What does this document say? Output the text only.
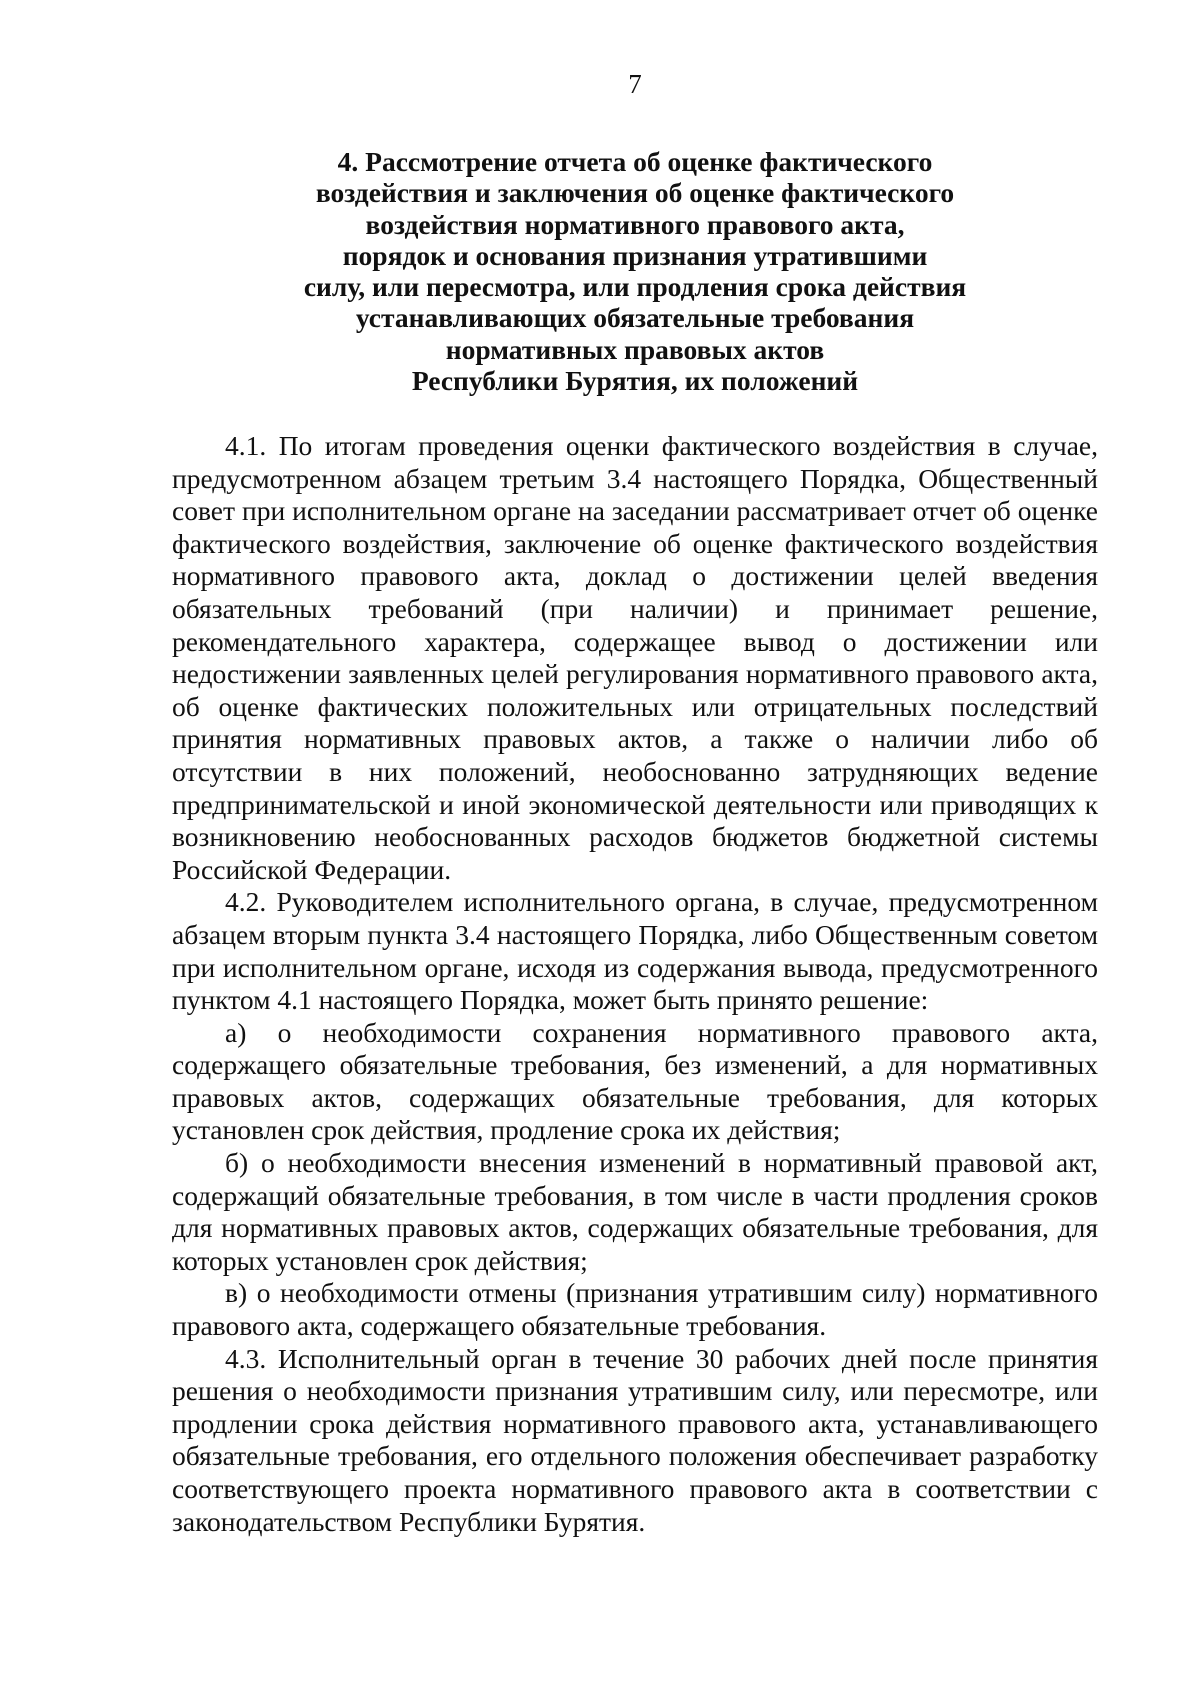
7
4. Рассмотрение отчета об оценке фактического
воздействия и заключения об оценке фактического
воздействия нормативного правового акта,
порядок и основания признания утратившими
силу, или пересмотра, или продления срока действия
устанавливающих обязательные требования
нормативных правовых актов
Республики Бурятия, их положений

4.1. По итогам проведения оценки фактического воздействия в случае, предусмотренном абзацем третьим 3.4 настоящего Порядка, Общественный совет при исполнительном органе на заседании рассматривает отчет об оценке фактического воздействия, заключение об оценке фактического воздействия нормативного правового акта, доклад о достижении целей введения обязательных требований (при наличии) и принимает решение, рекомендательного характера, содержащее вывод о достижении или недостижении заявленных целей регулирования нормативного правового акта, об оценке фактических положительных или отрицательных последствий принятия нормативных правовых актов, а также о наличии либо об отсутствии в них положений, необоснованно затрудняющих ведение предпринимательской и иной экономической деятельности или приводящих к возникновению необоснованных расходов бюджетов бюджетной системы Российской Федерации.

4.2. Руководителем исполнительного органа, в случае, предусмотренном абзацем вторым пункта 3.4 настоящего Порядка, либо Общественным советом при исполнительном органе, исходя из содержания вывода, предусмотренного пунктом 4.1 настоящего Порядка, может быть принято решение:

а) о необходимости сохранения нормативного правового акта, содержащего обязательные требования, без изменений, а для нормативных правовых актов, содержащих обязательные требования, для которых установлен срок действия, продление срока их действия;

б) о необходимости внесения изменений в нормативный правовой акт, содержащий обязательные требования, в том числе в части продления сроков для нормативных правовых актов, содержащих обязательные требования, для которых установлен срок действия;

в) о необходимости отмены (признания утратившим силу) нормативного правового акта, содержащего обязательные требования.

4.3. Исполнительный орган в течение 30 рабочих дней после принятия решения о необходимости признания утратившим силу, или пересмотре, или продлении срока действия нормативного правового акта, устанавливающего обязательные требования, его отдельного положения обеспечивает разработку соответствующего проекта нормативного правового акта в соответствии с законодательством Республики Бурятия.
